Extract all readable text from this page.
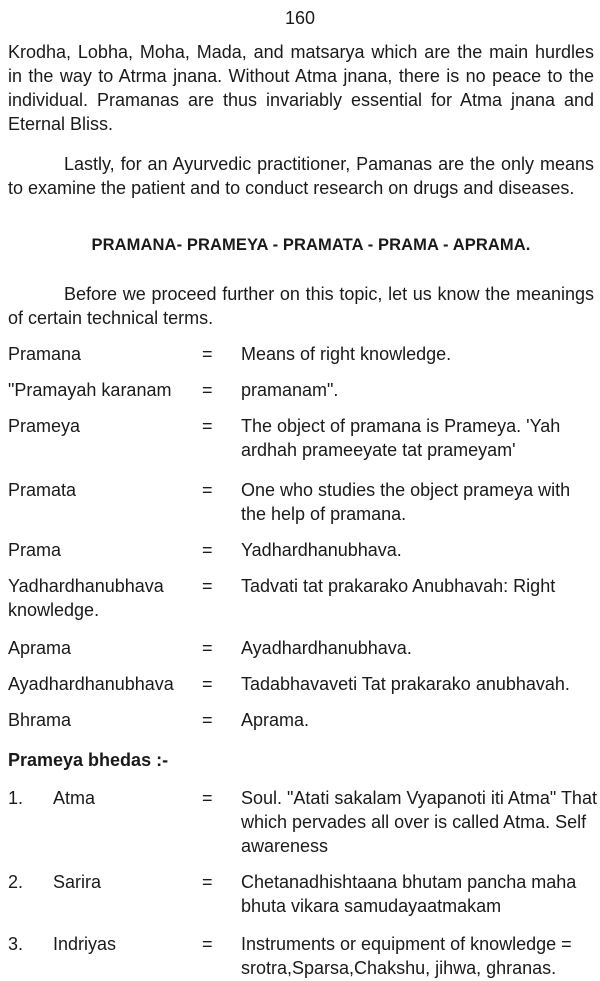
160

Krodha, Lobha, Moha, Mada, and matsarya which are the main hurdles in the way to Atrma jnana. Without Atma jnana, there is no peace to the individual. Pramanas are thus invariably essential for Atma jnana and Eternal Bliss.

Lastly, for an Ayurvedic practitioner, Pamanas are the only means to examine the patient and to conduct research on drugs and diseases.

PRAMANA- PRAMEYA - PRAMATA - PRAMA - APRAMA.

Before we proceed further on this topic, let us know the meanings of certain technical terms.

Pramana	= Means of right knowledge.
"Pramayah karanam = pramanam".
Prameya	= The object of pramana is Prameya. 'Yah ardhah prameeyate tat prameyam'
Pramata	= One who studies the object prameya with the help of pramana.
Prama	= Yadhardhanubhava.
Yadhardhanubhava =	Tadvati tat prakarako Anubhavah: Right knowledge.
Aprama	= Ayadhardhanubhava.
Ayadhardhanubhava = Tadabhavaveti Tat prakarako anubhavah.
Bhrama	= Aprama.
Prameya bhedas :-
1. Atma	= Soul. "Atati sakalam Vyapanoti iti Atma" That which pervades all over is called Atma. Self awareness
2. Sarira	= Chetanadhishtaana bhutam pancha maha bhuta vikara samudayaatmakam
3. Indriyas	= Instruments or equipment of knowledge = srotra,Sparsa,Chakshu, jihwa, ghranas.
